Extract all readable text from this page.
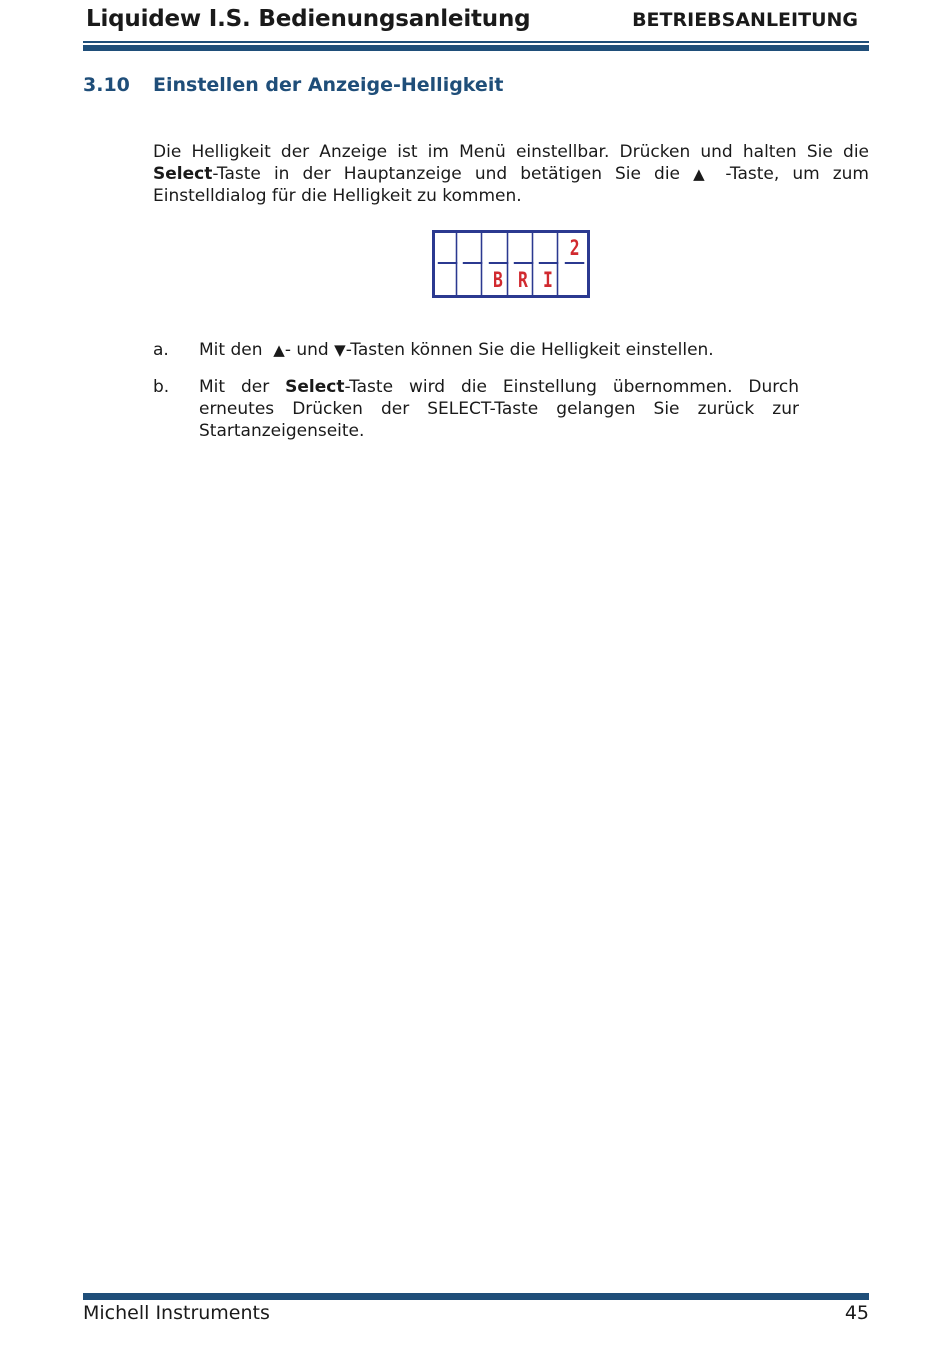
Liquidew I.S. Bedienungsanleitung	BETRIEBSANLEITUNG
3.10 Einstellen der Anzeige-Helligkeit

Die Helligkeit der Anzeige ist im Menü einstellbar. Drücken und halten Sie die Select-Taste in der Hauptanzeige und betätigen Sie die ▲ -Taste, um zum Einstelldialog für die Helligkeit zu kommen.

2
B R I
a. Mit den  ▲- und ▼-Tasten können Sie die Helligkeit einstellen.

b. Mit der Select-Taste wird die Einstellung übernommen. Durch erneutes Drücken der SELECT-Taste gelangen Sie zurück zur Startanzeigenseite.

Michell Instruments	45
